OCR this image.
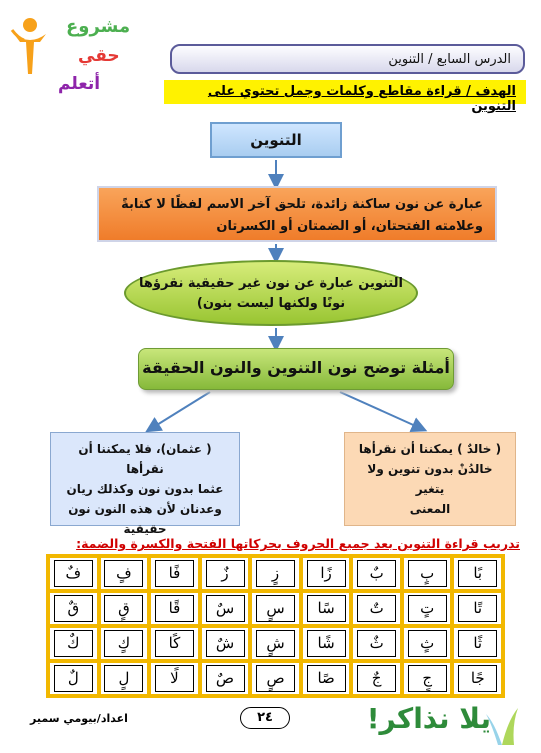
مشروع
حقي
أتعلم
الدرس السابع / التنوين
الهدف / قراءة مقاطع وكلمات وجمل تحتوي على التنوين
التنوين
عبارة عن نون ساكنة زائدة، تلحق آخر الاسم لفظًا لا كتابةً
وعلامته الفتحتان، أو الضمتان أو الكسرتان
التنوين عبارة عن نون غير حقيقية نقرؤها
نونًا ولكنها ليست بنون)
أمثلة توضح نون التنوين والنون الحقيقة
( خالدٌ ) يمكننا أن نقرأها
خالدُنْ بدون تنوين ولا يتغير
المعنى
( عثمان)، فلا يمكننا أن نقرأها
عثما بدون نون وكذلك ريان
وعدنان لأن هذه النون نون
حقيقية
تدريب قراءة التنوين بعد جميع الحروف بحركاتها الفتحة والكسرة والضمة:
بًا	بٍ	بٌ	زًا	زٍ	زٌ	فًا	فٍ	فٌ

تًا	تٍ	تٌ	سًا	سٍ	سٌ	قًا	قٍ	قٌ

ثًا	ثٍ	ثٌ	شًا	شٍ	شٌ	كًا	كٍ	كٌ

جًا	جٍ	جٌ	صًا	صٍ	صٌ	لًا	لٍ	لٌ
اعداد/بيومي سمير	٢٤	يلا نذاكر!
